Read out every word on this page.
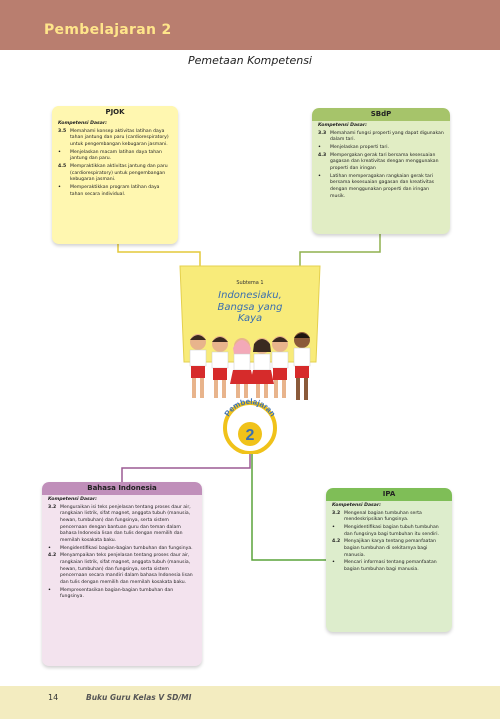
Pembelajaran 2
Pemetaan Kompetensi
PJOK
Kompetensi Dasar:
3.5 Memahami konsep aktivitas latihan daya tahan jantung dan paru (cardiorespiratory) untuk pengembangan kebugaran jasmani.
•	Menjelaskan macam latihan daya tahan jantung dan paru.
4.5 Mempraktikkan aktivitas jantung dan paru (cardiorespiratory) untuk pengembangan kebugaran jasmani.
•	Memperaktikkan program latihan daya tahan secara individual.
SBdP
Kompetensi Dasar:
3.3 Memahami fungsi properti yang dapat digunakan dalam tari.
•	Menjelaskan properti tari.
4.3 Mempergakan gerak tari bersama kesesuaian gagasan dan kreativitas dengan menggunakan properti dan iringan
•	Latihan memperagakan rangkaian gerak tari bersama kesesuaian gagasan dan kreativitas dengan menggunakan properti dan iringan musik.
Subtema 1
Indonesiaku,
Bangsa yang
Kaya
Pembelajaran
2
Bahasa Indonesia
Kompetensi Dasar:
3.2 Menguraikan isi teks penjelasan tentang proses daur air, rangkaian listrik, sifat magnet, anggota tubuh (manusia, hewan, tumbuhan) dan fungsinya, serta sistem pencernaan dengan bantuan guru dan teman dalam bahasa Indonesia lisan dan tulis dengan memilih dan memilah kosakata baku.
•	Mengidentifikasi bagian-bagian tumbuhan dan fungsinya.
4.2 Menyampaikan teks penjelasan tentang proses daur air, rangkaian listrik, sifat magnet, anggota tubuh (manusia, hewan, tumbuhan) dan fungsinya, serta sistem pencernaan secara mandiri dalam bahasa Indonesia lisan dan tulis dengan memilih dan memilah kosakata baku.
•	Mempresentasikan bagian-bagian tumbuhan dan fungsinya.
IPA
Kompetensi Dasar:
3.2 Mengenal bagian tumbuhan serta mendeskripsikan fungsinya.
•	Mengidentifikasi bagian tubuh tumbuhan dan fungsinya bagi tumbuhan itu sendiri.
4.2 Menyajikan karya tentang pemanfaatan bagian tumbuhan di sekitarnya bagi manusia.
•	Mencari informasi tentang pemanfaatan bagian tumbuhan bagi manusia.
14	Buku Guru Kelas V SD/MI
